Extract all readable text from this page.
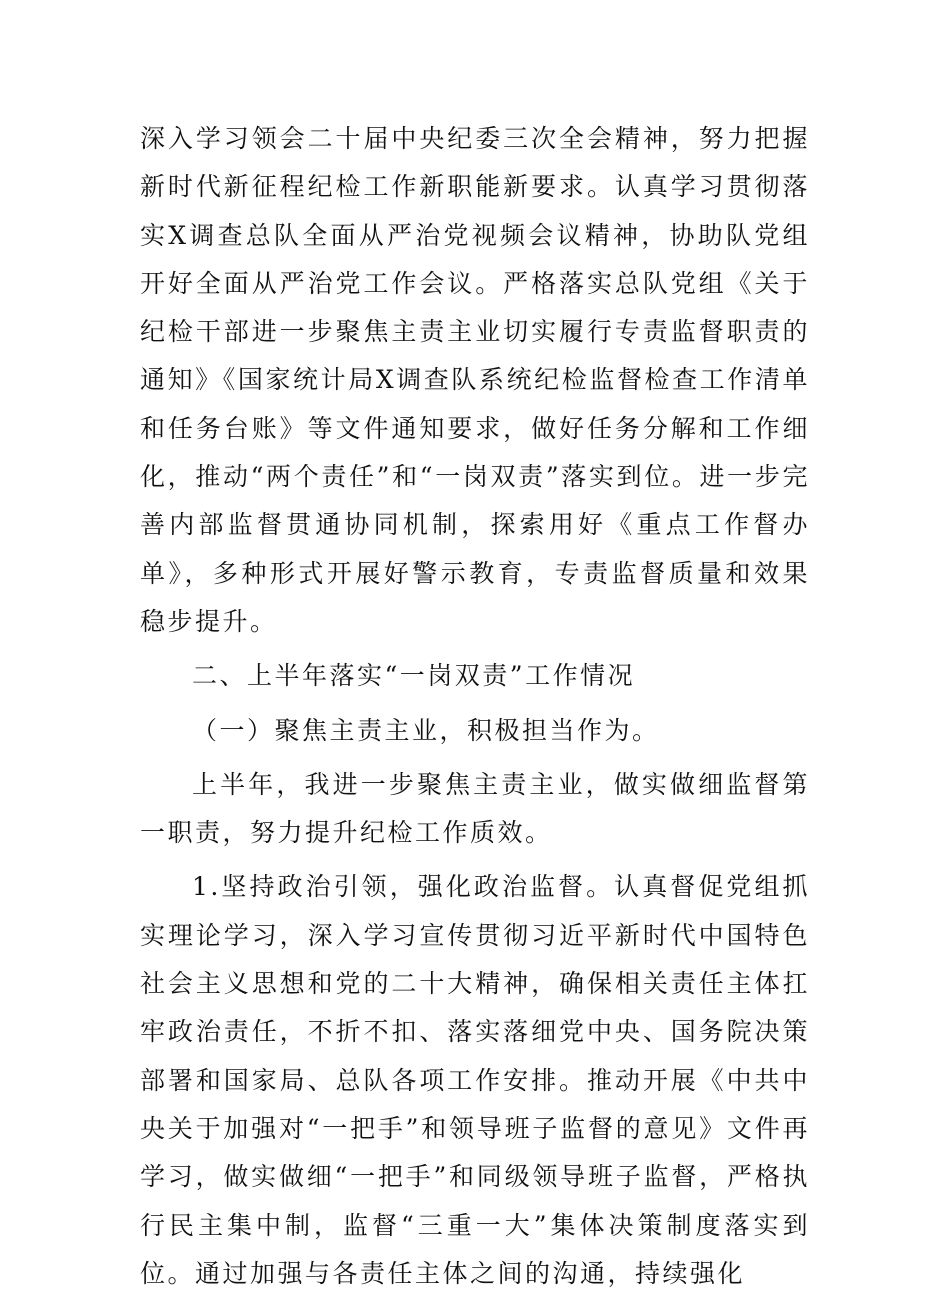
深入学习领会二十届中央纪委三次全会精神，努力把握新时代新征程纪检工作新职能新要求。认真学习贯彻落实X调查总队全面从严治党视频会议精神，协助队党组开好全面从严治党工作会议。严格落实总队党组《关于纪检干部进一步聚焦主责主业切实履行专责监督职责的通知》《国家统计局X调查队系统纪检监督检查工作清单和任务台账》等文件通知要求，做好任务分解和工作细化，推动“两个责任”和“一岗双责”落实到位。进一步完善内部监督贯通协同机制，探索用好《重点工作督办单》，多种形式开展好警示教育，专责监督质量和效果稳步提升。

二、上半年落实“一岗双责”工作情况

（一）聚焦主责主业，积极担当作为。

上半年，我进一步聚焦主责主业，做实做细监督第一职责，努力提升纪检工作质效。

1.坚持政治引领，强化政治监督。认真督促党组抓实理论学习，深入学习宣传贯彻习近平新时代中国特色社会主义思想和党的二十大精神，确保相关责任主体扛牢政治责任，不折不扣、落实落细党中央、国务院决策部署和国家局、总队各项工作安排。推动开展《中共中央关于加强对“一把手”和领导班子监督的意见》文件再学习，做实做细“一把手”和同级领导班子监督，严格执行民主集中制，监督“三重一大”集体决策制度落实到位。通过加强与各责任主体之间的沟通，持续强化
